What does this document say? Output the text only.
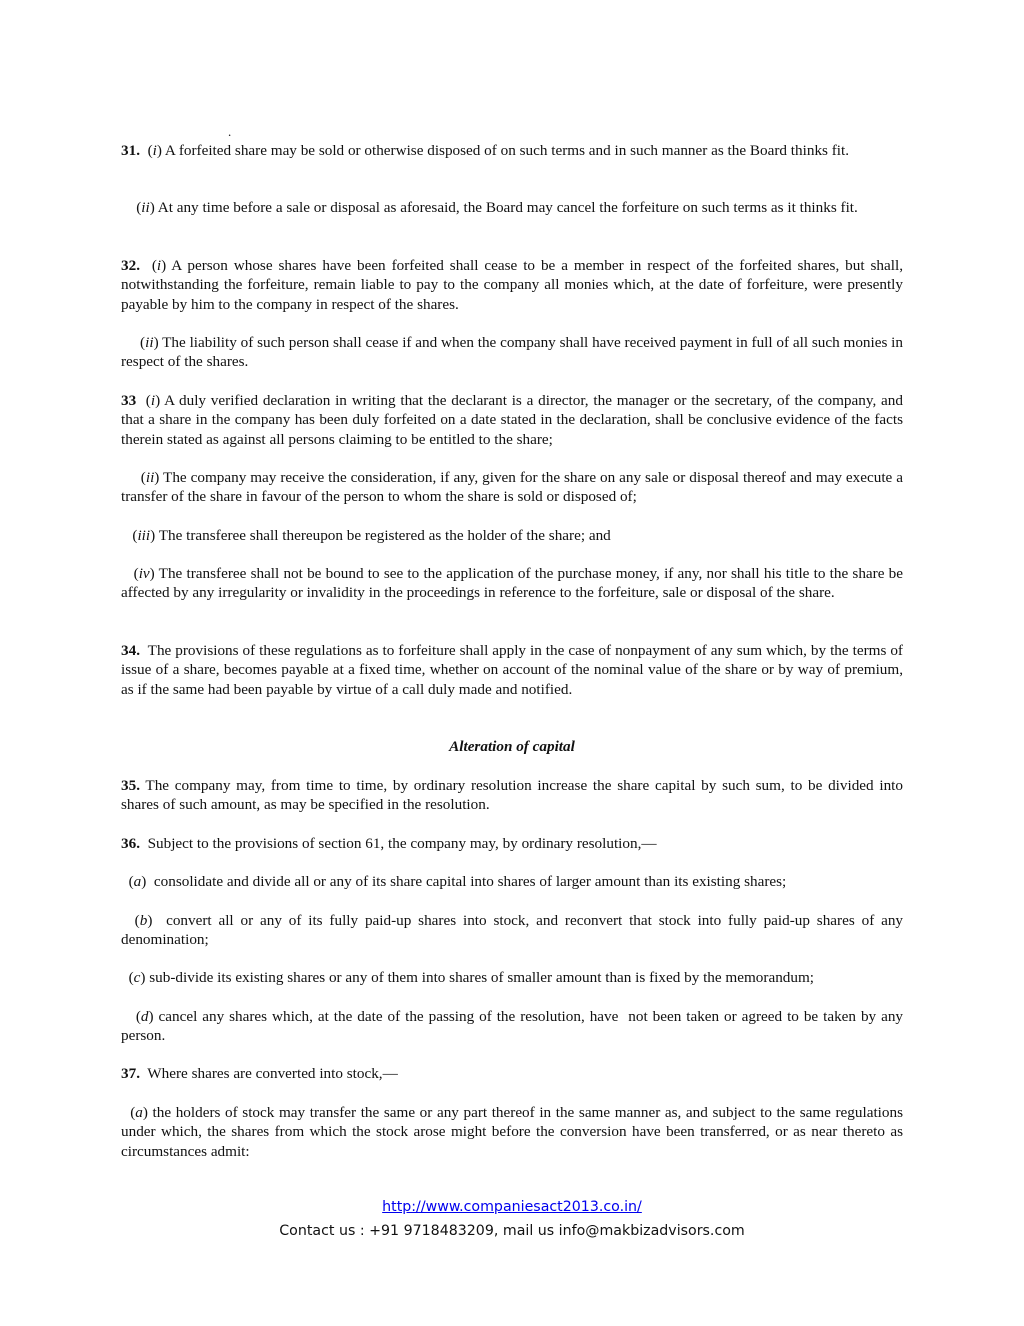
.

31.  (i) A forfeited share may be sold or otherwise disposed of on such terms and in such manner as the Board thinks fit.

(ii) At any time before a sale or disposal as aforesaid, the Board may cancel the forfeiture on such terms as it thinks fit.

32.  (i) A person whose shares have been forfeited shall cease to be a member in respect of the forfeited shares, but shall, notwithstanding the forfeiture, remain liable to pay to the company all monies which, at the date of forfeiture, were presently payable by him to the company in respect of the shares.

(ii) The liability of such person shall cease if and when the company shall have received payment in full of all such monies in respect of the shares.

33  (i) A duly verified declaration in writing that the declarant is a director, the manager or the secretary, of the company, and that a share in the company has been duly forfeited on a date stated in the declaration, shall be conclusive evidence of the facts therein stated as against all persons claiming to be entitled to the share;

(ii) The company may receive the consideration, if any, given for the share on any sale or disposal thereof and may execute a transfer of the share in favour of the person to whom the share is sold or disposed of;

(iii) The transferee shall thereupon be registered as the holder of the share; and

(iv) The transferee shall not be bound to see to the application of the purchase money, if any, nor shall his title to the share be affected by any irregularity or invalidity in the proceedings in reference to the forfeiture, sale or disposal of the share.

34.  The provisions of these regulations as to forfeiture shall apply in the case of nonpayment of any sum which, by the terms of issue of a share, becomes payable at a fixed time, whether on account of the nominal value of the share or by way of premium, as if the same had been payable by virtue of a call duly made and notified.

Alteration of capital

35. The company may, from time to time, by ordinary resolution increase the share capital by such sum, to be divided into shares of such amount, as may be specified in the resolution.

36.  Subject to the provisions of section 61, the company may, by ordinary resolution,—

(a)  consolidate and divide all or any of its share capital into shares of larger amount than its existing shares;

(b)  convert all or any of its fully paid-up shares into stock, and reconvert that stock into fully paid-up shares of any denomination;

(c) sub-divide its existing shares or any of them into shares of smaller amount than is fixed by the memorandum;

(d) cancel any shares which, at the date of the passing of the resolution, have  not been taken or agreed to be taken by any person.

37.  Where shares are converted into stock,—

(a) the holders of stock may transfer the same or any part thereof in the same manner as, and subject to the same regulations under which, the shares from which the stock arose might before the conversion have been transferred, or as near thereto as circumstances admit:

http://www.companiesact2013.co.in/
Contact us : +91 9718483209, mail us info@makbizadvisors.com
